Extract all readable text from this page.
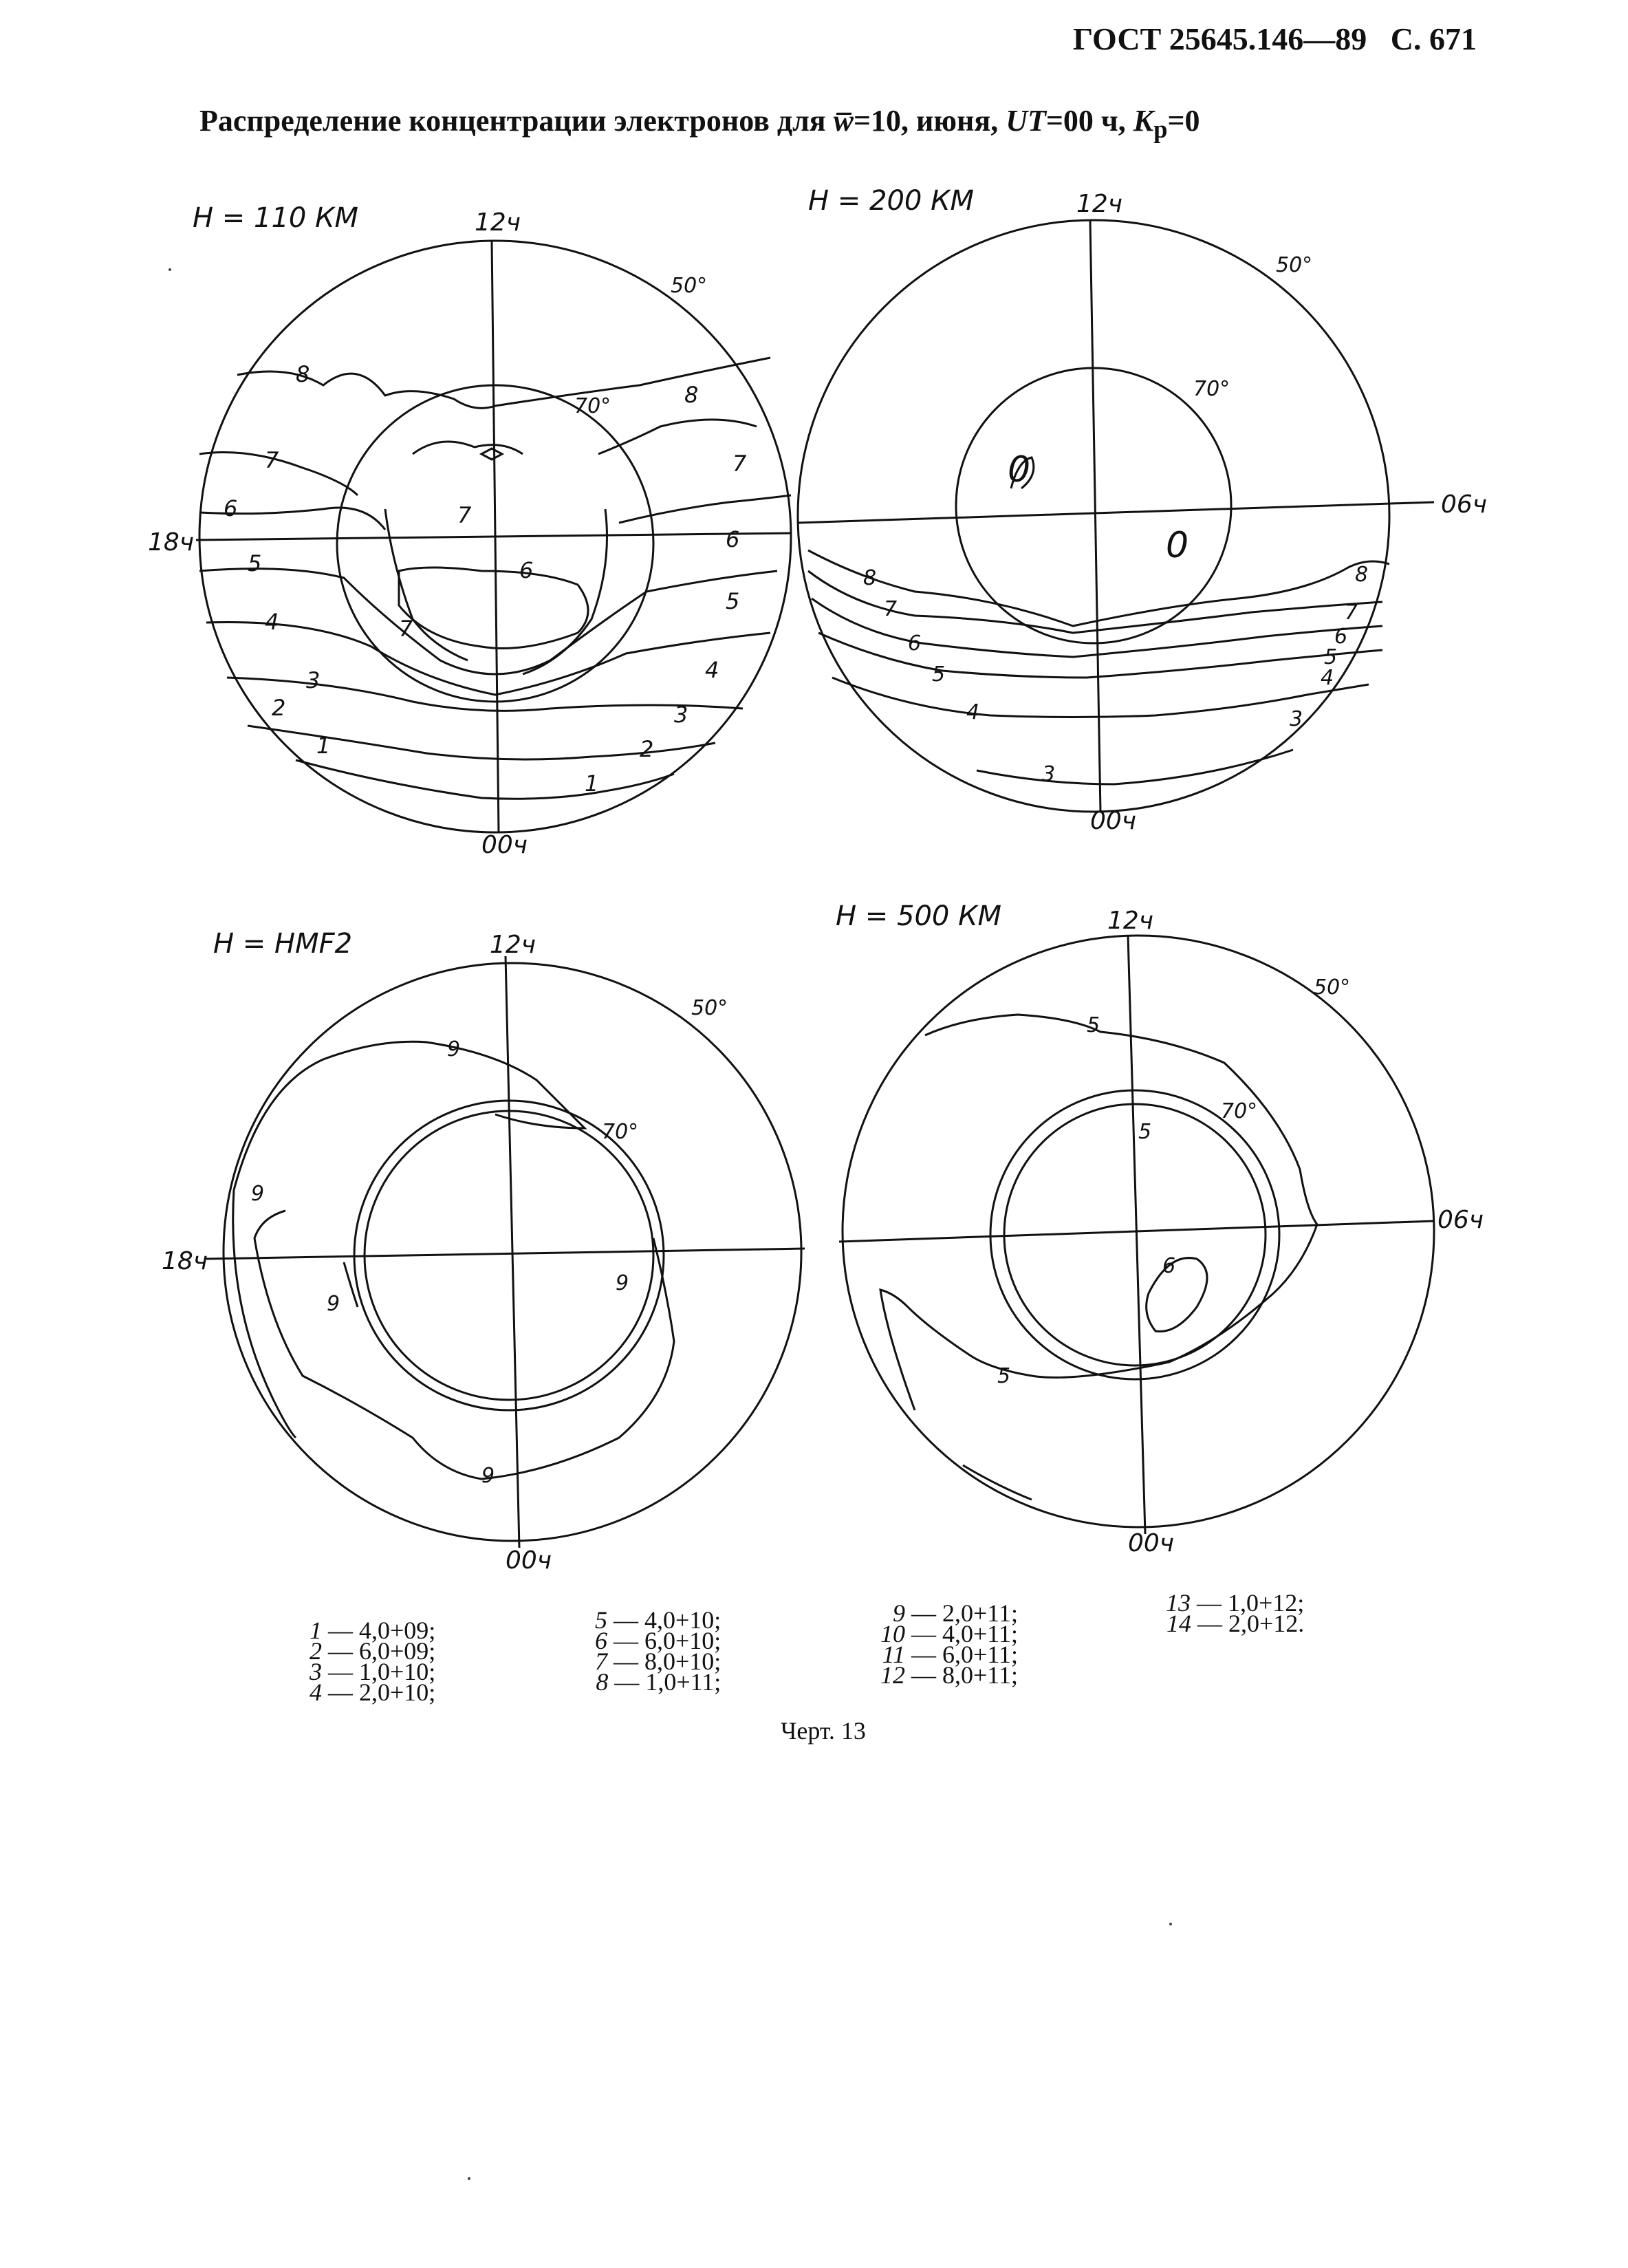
ГОСТ 25645.146—89 С. 671
Распределение концентрации электронов для w̅=10, июня, UT=00 ч, $K_p=0$
H = 110 КМ	12ч
00ч
18ч
50°
70°
8
8
7	7
6
6
7
5
5
6
4
4
3
3
2
2
1
1
7
H = 200 КМ	12ч
00ч
06ч
50°
70°
0
0
8	8
7	7
6	6
5
5
4
4
3
3
H = HMF2	12ч
00ч
18ч
50°
70°
9
9
9
9
9
H = 500 КМ	12ч
00ч
06ч
50°
70°
5
5
6
5
1 — 4,0+09;
2 — 6,0+09;
3 — 1,0+10;
4 — 2,0+10;
5 — 4,0+10;
6 — 6,0+10;
7 — 8,0+10;
8 — 1,0+11;
9 — 2,0+11;
10 — 4,0+11;
11 — 6,0+11;
12 — 8,0+11;
13 — 1,0+12;
14 — 2,0+12.
Черт. 13
